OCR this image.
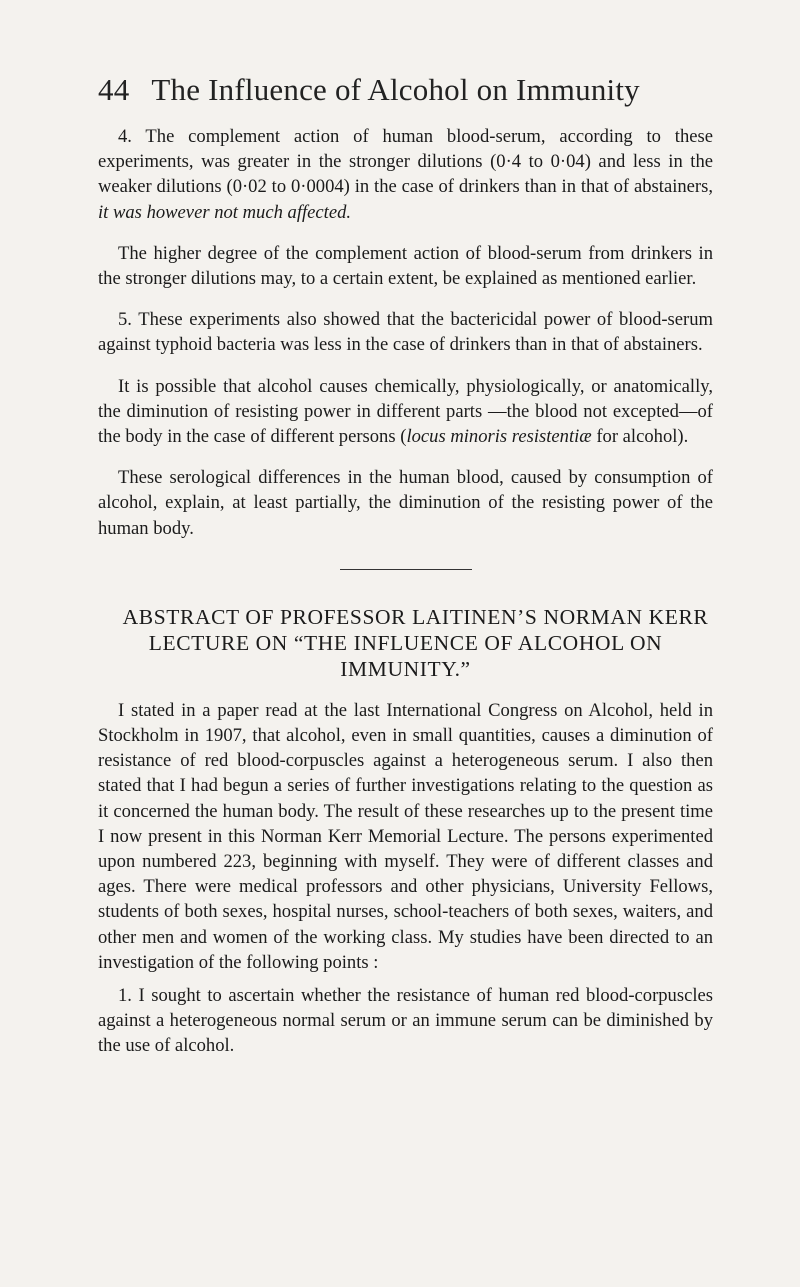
44 The Influence of Alcohol on Immunity

4. The complement action of human blood-serum, according to these experiments, was greater in the stronger dilutions (0·4 to 0·04) and less in the weaker dilutions (0·02 to 0·0004) in the case of drinkers than in that of abstainers, it was however not much affected.

The higher degree of the complement action of blood-serum from drinkers in the stronger dilutions may, to a certain extent, be explained as mentioned earlier.

5. These experiments also showed that the bactericidal power of blood-serum against typhoid bacteria was less in the case of drinkers than in that of abstainers.

It is possible that alcohol causes chemically, physiologically, or anatomically, the diminution of resisting power in different parts —the blood not excepted—of the body in the case of different persons (locus minoris resistentiæ for alcohol).

These serological differences in the human blood, caused by consumption of alcohol, explain, at least partially, the diminution of the resisting power of the human body.

ABSTRACT OF PROFESSOR LAITINEN’S NORMAN KERR LECTURE ON “THE INFLUENCE OF ALCOHOL ON IMMUNITY.”

I stated in a paper read at the last International Congress on Alcohol, held in Stockholm in 1907, that alcohol, even in small quantities, causes a diminution of resistance of red blood-corpuscles against a heterogeneous serum. I also then stated that I had begun a series of further investigations relating to the question as it concerned the human body. The result of these researches up to the present time I now present in this Norman Kerr Memorial Lecture. The persons experimented upon numbered 223, beginning with myself. They were of different classes and ages. There were medical professors and other physicians, University Fellows, students of both sexes, hospital nurses, school-teachers of both sexes, waiters, and other men and women of the working class. My studies have been directed to an investigation of the following points :

1. I sought to ascertain whether the resistance of human red blood-corpuscles against a heterogeneous normal serum or an immune serum can be diminished by the use of alcohol.
